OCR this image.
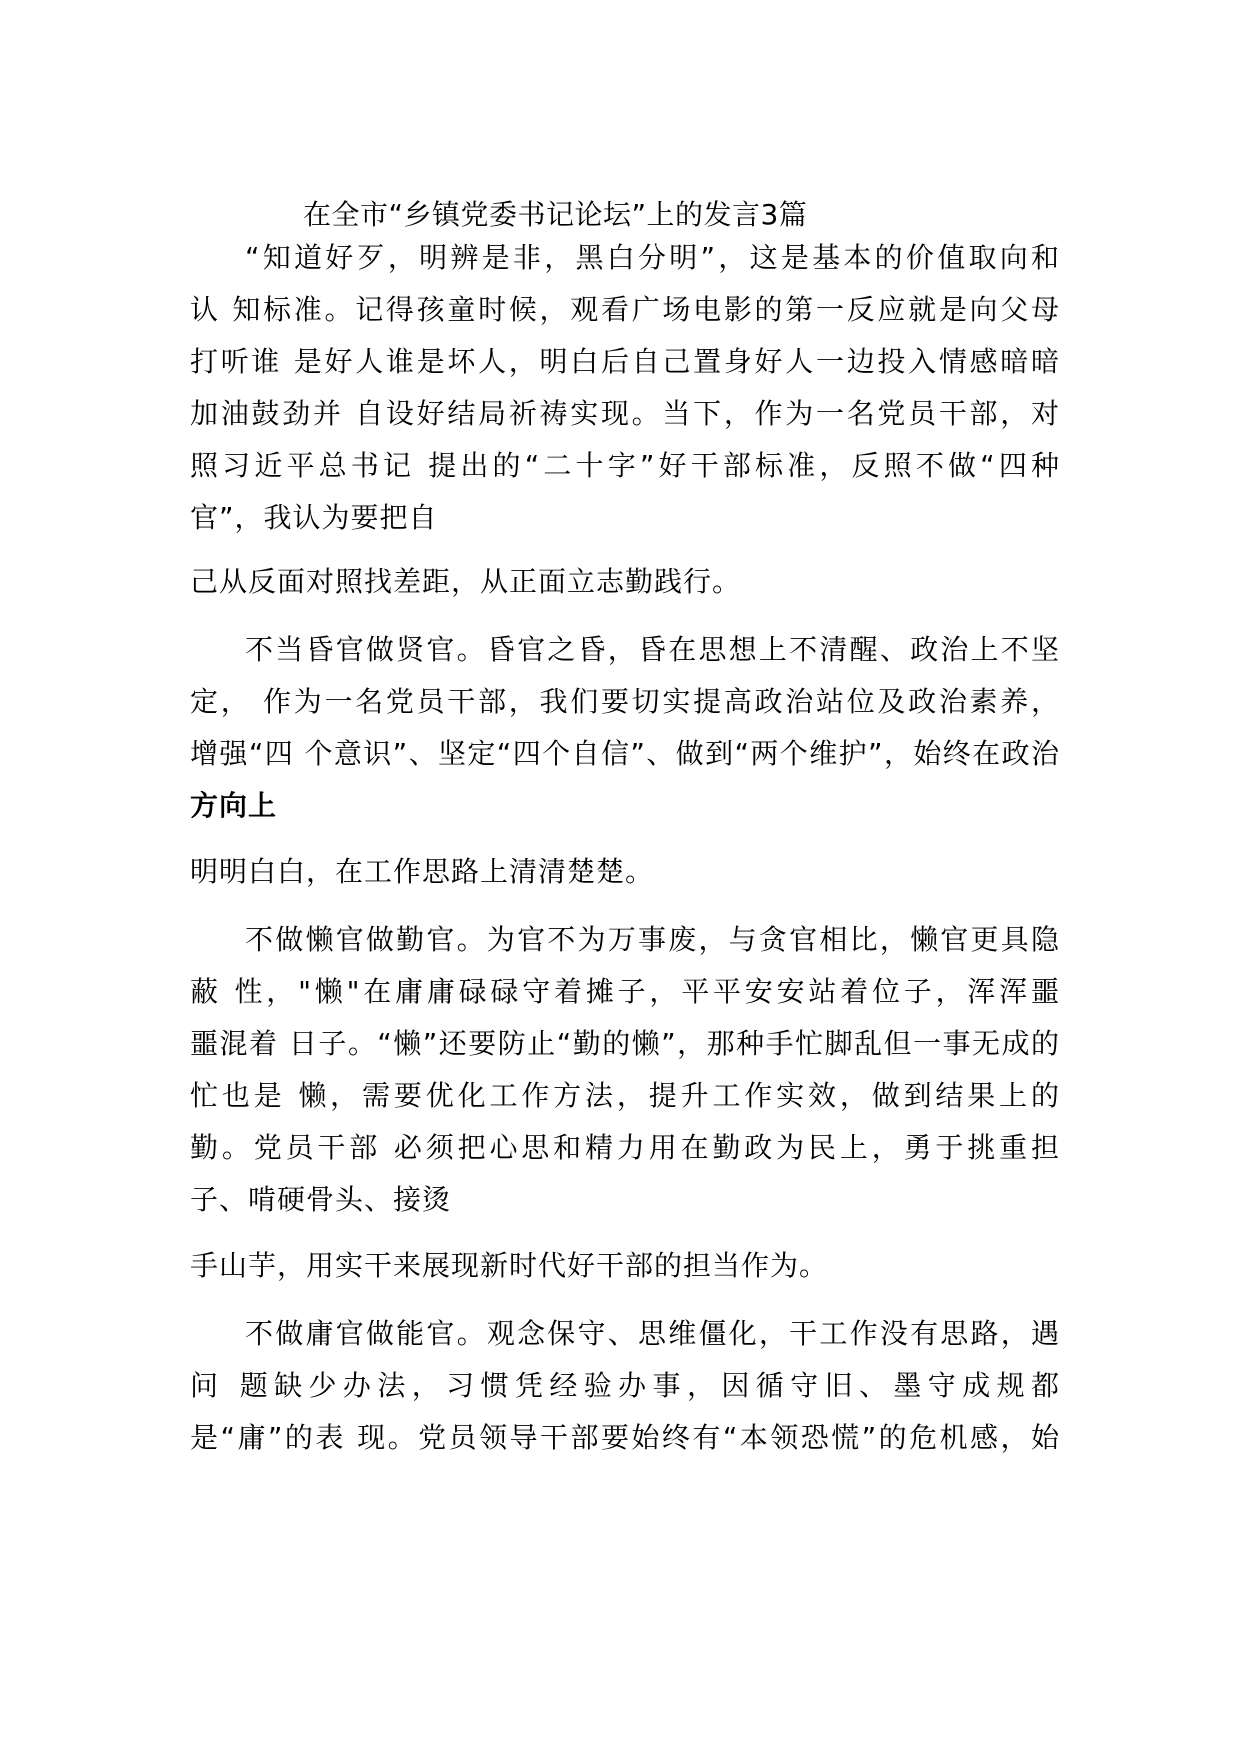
在全市“乡镇党委书记论坛”上的发言3篇
“知道好歹，明辨是非，黑白分明”，这是基本的价值取向和
认 知标准。记得孩童时候，观看广场电影的第一反应就是向父母
打听谁 是好人谁是坏人，明白后自己置身好人一边投入情感暗暗
加油鼓劲并 自设好结局祈祷实现。当下，作为一名党员干部，对
照习近平总书记 提出的“二十字”好干部标准，反照不做“四种
官”，我认为要把自
己从反面对照找差距，从正面立志勤践行。
不当昏官做贤官。昏官之昏，昏在思想上不清醒、政治上不坚
定， 作为一名党员干部，我们要切实提高政治站位及政治素养，
增强“四 个意识”、坚定“四个自信”、做到“两个维护”，始终在政治
方向上
明明白白，在工作思路上清清楚楚。
不做懒官做勤官。为官不为万事废，与贪官相比，懒官更具隐
蔽 性，"懒"在庸庸碌碌守着摊子，平平安安站着位子，浑浑噩
噩混着 日子。“懒”还要防止“勤的懒”，那种手忙脚乱但一事无成的
忙也是 懒，需要优化工作方法，提升工作实效，做到结果上的
勤。党员干部 必须把心思和精力用在勤政为民上，勇于挑重担
子、啃硬骨头、接烫
手山芋，用实干来展现新时代好干部的担当作为。
不做庸官做能官。观念保守、思维僵化，干工作没有思路，遇
问 题缺少办法，习惯凭经验办事，因循守旧、墨守成规都
是“庸”的表 现。党员领导干部要始终有“本领恐慌”的危机感，始
